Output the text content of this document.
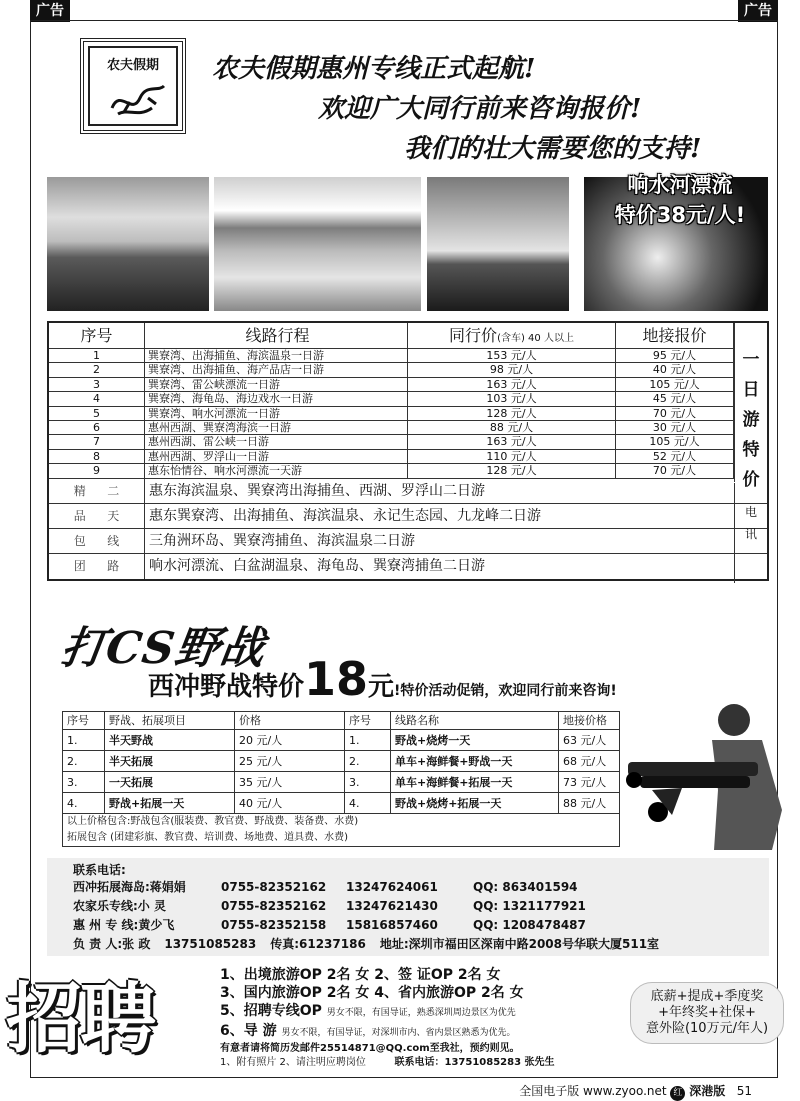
广告	广告
农夫假期	农夫假期惠州专线正式起航!
欢迎广大同行前来咨询报价!
我们的壮大需要您的支持!
响水河漂流
特价38元/人!
序号	线路行程	同行价(含车) 40 人以上	地接报价
1	巽寮湾、出海捕鱼、海滨温泉一日游	153 元/人	95 元/人
2	巽寮湾、出海捕鱼、海产品店一日游	98 元/人	40 元/人
3	巽寮湾、雷公峡漂流一日游	163 元/人	105 元/人
4	巽寮湾、海龟岛、海边戏水一日游	103 元/人	45 元/人
5	巽寮湾、响水河漂流一日游	128 元/人	70 元/人
6	惠州西湖、巽寮湾海滨一日游	88 元/人	30 元/人
7	惠州西湖、雷公峡一日游	163 元/人	105 元/人
8	惠州西湖、罗浮山一日游	110 元/人	52 元/人
9	惠东怡情谷、响水河漂流一天游	128 元/人	70 元/人
一
日
游
特
价
精 二 惠东海滨温泉、巽寮湾出海捕鱼、西湖、罗浮山二日游
品 天 惠东巽寮湾、出海捕鱼、海滨温泉、永记生态园、九龙峰二日游
包 线 三角洲环岛、巽寮湾捕鱼、海滨温泉二日游
团 路 响水河漂流、白盆湖温泉、海龟岛、巽寮湾捕鱼二日游
电
讯
打CS野战
西冲野战特价18元!特价活动促销，欢迎同行前来咨询!
序号	野战、拓展项目	价格	序号	线路名称	地接价格
1.	半天野战	20 元/人	1.	野战+烧烤一天	63 元/人
2.	半天拓展	25 元/人	2.	单车+海鲜餐+野战一天	68 元/人
3.	一天拓展	35 元/人	3.	单车+海鲜餐+拓展一天	73 元/人
4.	野战+拓展一天	40 元/人	4.	野战+烧烤+拓展一天	88 元/人
以上价格包含:野战包含(服装费、教官费、野战费、装备费、水费)
拓展包含 (团建彩旗、教官费、培训费、场地费、道具费、水费)
联系电话:
西冲拓展海岛:蒋娟娟	0755-82352162	13247624061	QQ: 863401594
农家乐专线:小 灵	0755-82352162	13247621430	QQ: 1321177921
惠 州 专 线:黄少飞	0755-82352158	15816857460	QQ: 1208478487
负 责 人:张 政 13751085283 传真:61237186 地址:深圳市福田区深南中路2008号华联大厦511室
招聘	1、出境旅游OP 2名 女 2、签 证OP 2名 女
3、国内旅游OP 2名 女 4、省内旅游OP 2名 女
5、招聘专线OP 男女不限，有国导证，熟悉深圳周边景区为优先
6、导 游 男女不限，有国导证，对深圳市内、省内景区熟悉为优先。
有意者请将简历发邮件25514871@QQ.com至我社，预约则见。
1、附有照片 2、请注明应聘岗位	联系电话：13751085283 张先生
底薪+提成+季度奖
+年终奖+社保+
意外险(10万元/年人)
全国电子版 www.zyoo.net 红 深港版 51
